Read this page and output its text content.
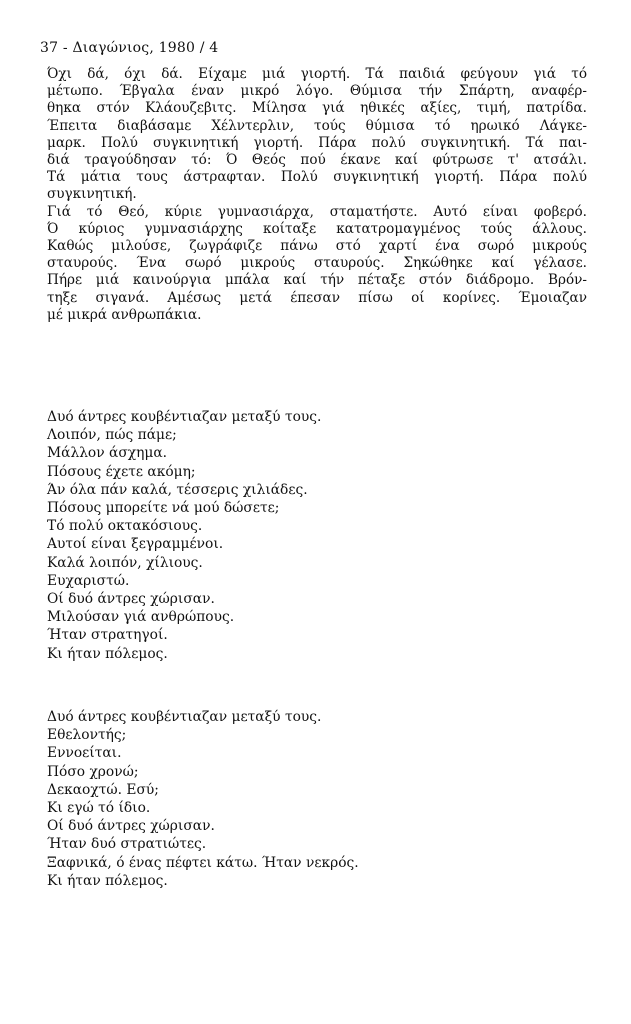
37 - Διαγώνιος, 1980 / 4
Όχι δά, όχι δά. Είχαμε μιά γιορτή. Τά παιδιά φεύγουν γιά τό
μέτωπο. Έβγαλα έναν μικρό λόγο. Θύμισα τήν Σπάρτη, αναφέρ-
θηκα στόν Κλάουζεβιτς. Μίλησα γιά ηθικές αξίες, τιμή, πατρίδα.
Έπειτα διαβάσαμε Χέλντερλιν, τούς θύμισα τό ηρωικό Λάγκε-
μαρκ. Πολύ συγκινητική γιορτή. Πάρα πολύ συγκινητική. Τά παι-
διά τραγούδησαν τό: Ό Θεός πού έκανε καί φύτρωσε τ' ατσάλι.
Τά μάτια τους άστραφταν. Πολύ συγκινητική γιορτή. Πάρα πολύ
συγκινητική.
Γιά τό Θεό, κύριε γυμνασιάρχα, σταματήστε. Αυτό είναι φοβερό.
Ό κύριος γυμνασιάρχης κοίταξε κατατρομαγμένος τούς άλλους.
Καθώς μιλούσε, ζωγράφιζε πάνω στό χαρτί ένα σωρό μικρούς
σταυρούς. Ένα σωρό μικρούς σταυρούς. Σηκώθηκε καί γέλασε.
Πήρε μιά καινούργια μπάλα καί τήν πέταξε στόν διάδρομο. Βρόν-
τηξε σιγανά. Αμέσως μετά έπεσαν πίσω οί κορίνες. Έμοιαζαν
μέ μικρά ανθρωπάκια.
Δυό άντρες κουβέντιαζαν μεταξύ τους.
Λοιπόν, πώς πάμε;
Μάλλον άσχημα.
Πόσους έχετε ακόμη;
Άν όλα πάν καλά, τέσσερις χιλιάδες.
Πόσους μπορείτε νά μού δώσετε;
Τό πολύ οκτακόσιους.
Αυτοί είναι ξεγραμμένοι.
Καλά λοιπόν, χίλιους.
Ευχαριστώ.
Οί δυό άντρες χώρισαν.
Μιλούσαν γιά ανθρώπους.
Ήταν στρατηγοί.
Κι ήταν πόλεμος.
Δυό άντρες κουβέντιαζαν μεταξύ τους.
Εθελοντής;
Εννοείται.
Πόσο χρονώ;
Δεκαοχτώ. Εσύ;
Κι εγώ τό ίδιο.
Οί δυό άντρες χώρισαν.
Ήταν δυό στρατιώτες.
Ξαφνικά, ό ένας πέφτει κάτω. Ήταν νεκρός.
Κι ήταν πόλεμος.
